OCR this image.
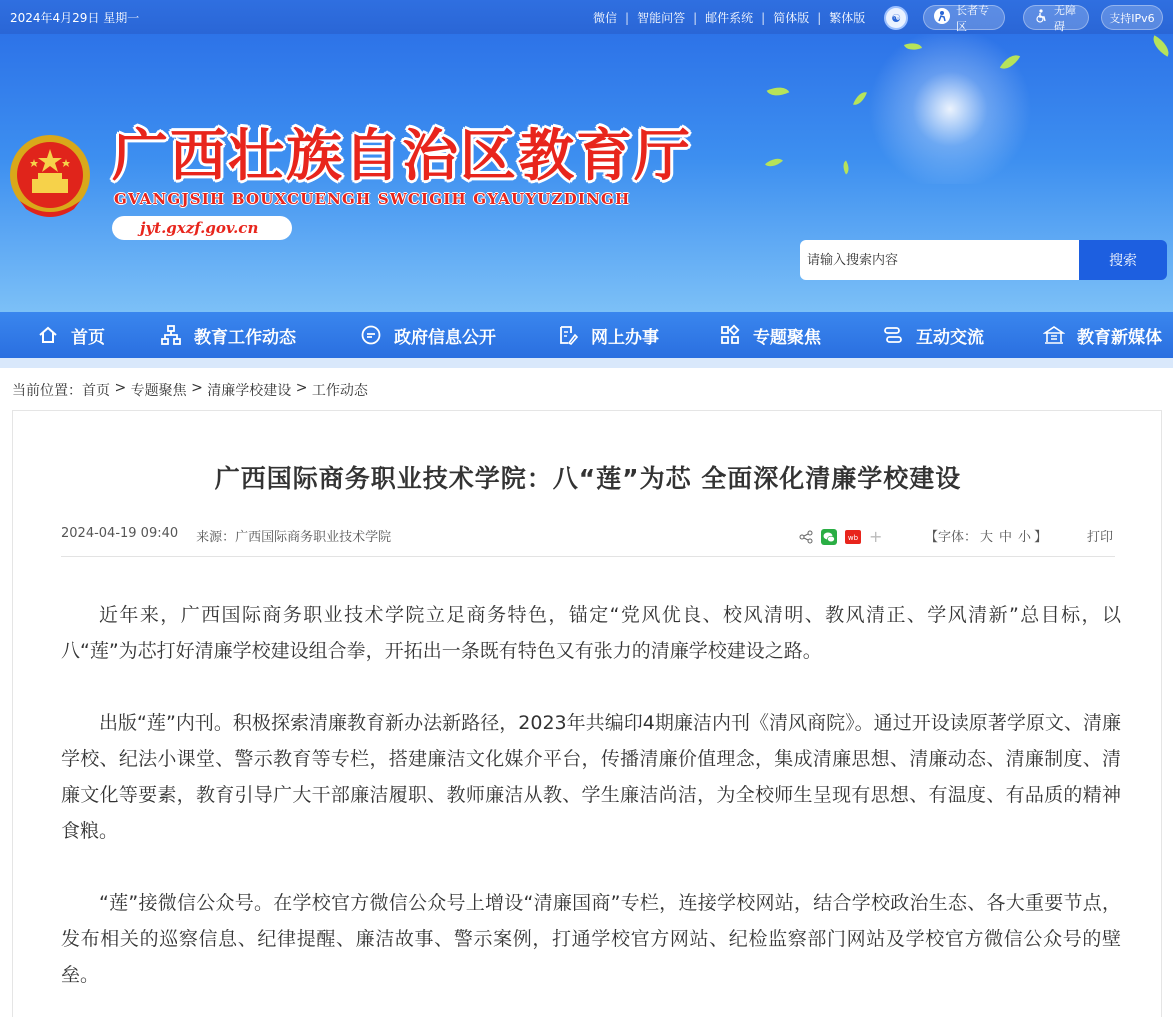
2024年4月29日 星期一	微信 | 智能问答 | 邮件系统 | 简体版 | 繁体版	☯
长者专区
无障碍
支持IPv6
广西壮族自治区教育厅
GVANGJSIH BOUXCUENGH SWCIGIH GYAUYUZDINGH
jyt.gxzf.gov.cn
请输入搜索内容
搜索
首页	教育工作动态	政府信息公开	网上办事	专题聚焦	互动交流	教育新媒体
当前位置： 首页 > 专题聚焦 > 清廉学校建设 > 工作动态
广西国际商务职业技术学院：八“莲”为芯 全面深化清廉学校建设
2024-04-19 09:40 来源：广西国际商务职业技术学院	wb +	【字体： 大 中 小 】	打印

近年来，广西国际商务职业技术学院立足商务特色，锚定“党风优良、校风清明、教风清正、学风清新”总目标，以八“莲”为芯打好清廉学校建设组合拳，开拓出一条既有特色又有张力的清廉学校建设之路。

出版“莲”内刊。积极探索清廉教育新办法新路径，2023年共编印4期廉洁内刊《清风商院》。通过开设读原著学原文、清廉学校、纪法小课堂、警示教育等专栏，搭建廉洁文化媒介平台，传播清廉价值理念，集成清廉思想、清廉动态、清廉制度、清廉文化等要素，教育引导广大干部廉洁履职、教师廉洁从教、学生廉洁尚洁，为全校师生呈现有思想、有温度、有品质的精神食粮。

“莲”接微信公众号。在学校官方微信公众号上增设“清廉国商”专栏，连接学校网站，结合学校政治生态、各大重要节点，发布相关的巡察信息、纪律提醒、廉洁故事、警示案例，打通学校官方网站、纪检监察部门网站及学校官方微信公众号的壁垒。
